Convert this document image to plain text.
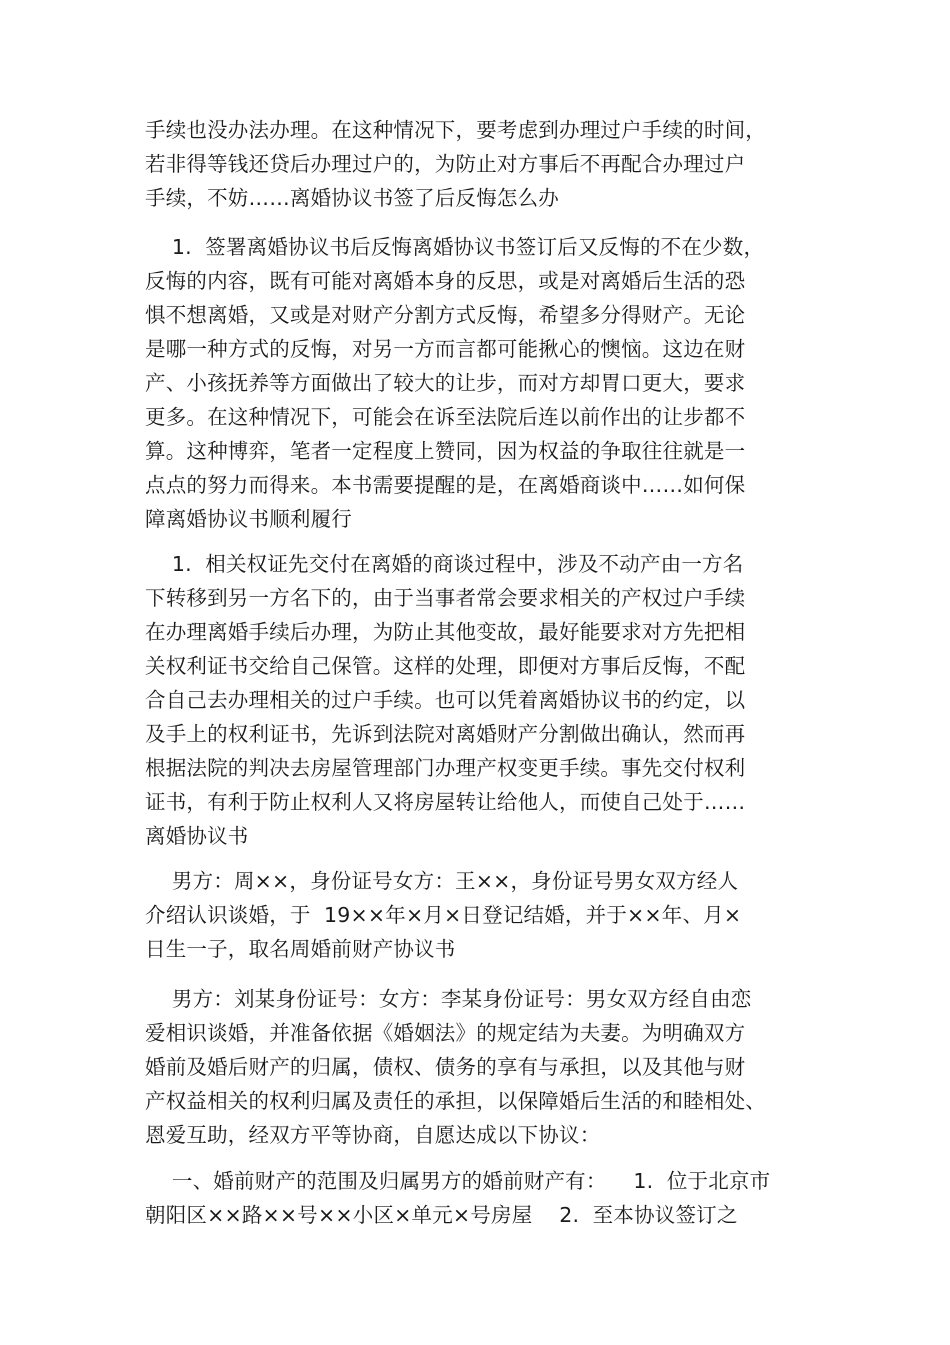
手续也没办法办理。在这种情况下，要考虑到办理过户手续的时间，
若非得等钱还贷后办理过户的，为防止对方事后不再配合办理过户
手续，不妨……离婚协议书签了后反悔怎么办
1.  签署离婚协议书后反悔离婚协议书签订后又反悔的不在少数，
反悔的内容，既有可能对离婚本身的反思，或是对离婚后生活的恐
惧不想离婚，又或是对财产分割方式反悔，希望多分得财产。无论
是哪一种方式的反悔，对另一方而言都可能揪心的懊恼。这边在财
产、小孩抚养等方面做出了较大的让步，而对方却胃口更大，要求
更多。在这种情况下，可能会在诉至法院后连以前作出的让步都不
算。这种博弈，笔者一定程度上赞同，因为权益的争取往往就是一
点点的努力而得来。本书需要提醒的是，在离婚商谈中……如何保
障离婚协议书顺利履行
1.  相关权证先交付在离婚的商谈过程中，涉及不动产由一方名
下转移到另一方名下的，由于当事者常会要求相关的产权过户手续
在办理离婚手续后办理，为防止其他变故，最好能要求对方先把相
关权利证书交给自己保管。这样的处理，即便对方事后反悔，不配
合自己去办理相关的过户手续。也可以凭着离婚协议书的约定，以
及手上的权利证书，先诉到法院对离婚财产分割做出确认，然而再
根据法院的判决去房屋管理部门办理产权变更手续。事先交付权利
证书，有利于防止权利人又将房屋转让给他人，而使自己处于……
离婚协议书
男方：周××，身份证号女方：王××，身份证号男女双方经人
介绍认识谈婚，于  19××年×月×日登记结婚，并于××年、月×
日生一子，取名周婚前财产协议书
男方：刘某身份证号：女方：李某身份证号：男女双方经自由恋
爱相识谈婚，并准备依据《婚姻法》的规定结为夫妻。为明确双方
婚前及婚后财产的归属，债权、债务的享有与承担，以及其他与财
产权益相关的权利归属及责任的承担，以保障婚后生活的和睦相处、
恩爱互助，经双方平等协商，自愿达成以下协议：
一、婚前财产的范围及归属男方的婚前财产有：    1.  位于北京市
朝阳区××路××号××小区×单元×号房屋    2.  至本协议签订之
